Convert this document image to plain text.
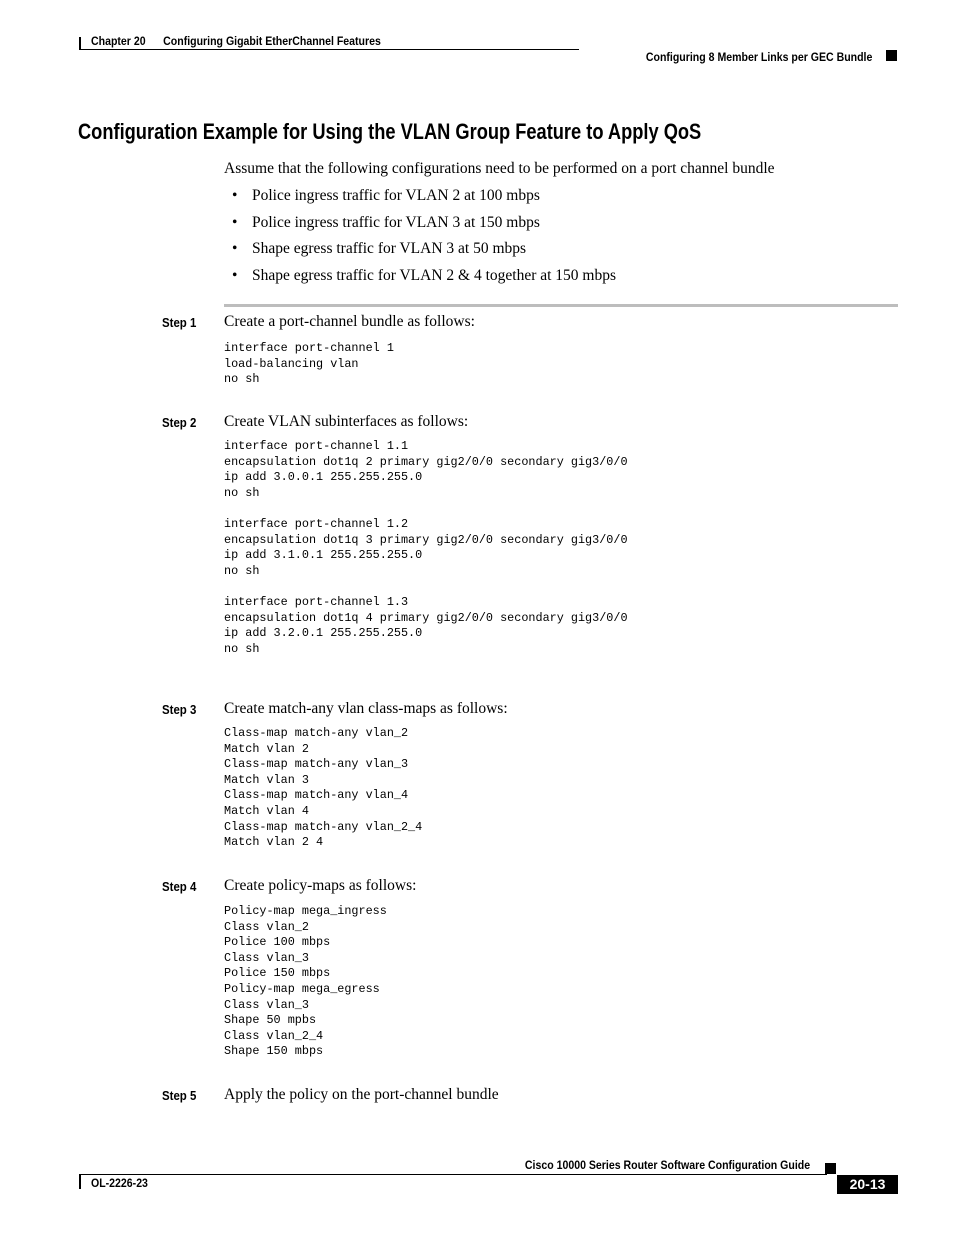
Chapter 20      Configuring Gigabit EtherChannel Features
Configuring 8 Member Links per GEC Bundle
Configuration Example for Using the VLAN Group Feature to Apply QoS
Assume that the following configurations need to be performed on a port channel bundle
• Police ingress traffic for VLAN 2 at 100 mbps
• Police ingress traffic for VLAN 3 at 150 mbps
• Shape egress traffic for VLAN 3 at 50 mbps
• Shape egress traffic for VLAN 2 & 4 together at 150 mbps
Step 1 Create a port-channel bundle as follows:
interface port-channel 1
load-balancing vlan
no sh
Step 2 Create VLAN subinterfaces as follows:
interface port-channel 1.1
encapsulation dot1q 2 primary gig2/0/0 secondary gig3/0/0
ip add 3.0.0.1 255.255.255.0
no sh

interface port-channel 1.2
encapsulation dot1q 3 primary gig2/0/0 secondary gig3/0/0
ip add 3.1.0.1 255.255.255.0
no sh

interface port-channel 1.3
encapsulation dot1q 4 primary gig2/0/0 secondary gig3/0/0
ip add 3.2.0.1 255.255.255.0
no sh
Step 3 Create match-any vlan class-maps as follows:
Class-map match-any vlan_2
Match vlan 2
Class-map match-any vlan_3
Match vlan 3
Class-map match-any vlan_4
Match vlan 4
Class-map match-any vlan_2_4
Match vlan 2 4
Step 4 Create policy-maps as follows:
Policy-map mega_ingress
Class vlan_2
Police 100 mbps
Class vlan_3
Police 150 mbps
Policy-map mega_egress
Class vlan_3
Shape 50 mpbs
Class vlan_2_4
Shape 150 mbps
Step 5 Apply the policy on the port-channel bundle
Cisco 10000 Series Router Software Configuration Guide
OL-2226-23	20-13
